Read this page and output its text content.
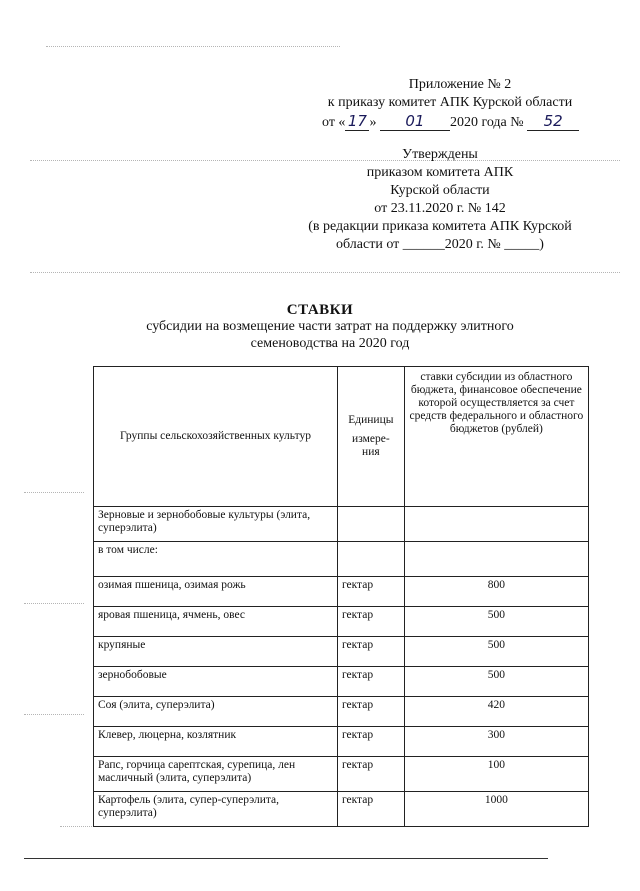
Приложение № 2
к приказу комитет АПК Курской области
от « 17 » 01 2020 года № 52
Утверждены
приказом комитета АПК
Курской области
от 23.11.2020 г. № 142
(в редакции приказа комитета АПК Курской
области от ______2020 г. № _____)
СТАВКИ
субсидии на возмещение части затрат на поддержку элитного семеноводства на 2020 год
Группы сельскохозяйственных культур	Единицы
измере-
ния	ставки субсидии из областного бюджета, финансовое обеспечение которой осуществляется за счет средств федерального и областного бюджетов (рублей)
Зерновые и зернобобовые культуры (элита, суперэлита)		
в том числе:		
озимая пшеница, озимая рожь	гектар	800
яровая пшеница, ячмень, овес	гектар	500
крупяные	гектар	500
зернобобовые	гектар	500
Соя (элита, суперэлита)	гектар	420
Клевер, люцерна, козлятник	гектар	300
Рапс, горчица сарептская, сурепица, лен масличный (элита, суперэлита)	гектар	100
Картофель (элита, супер-суперэлита, суперэлита)	гектар	1000
